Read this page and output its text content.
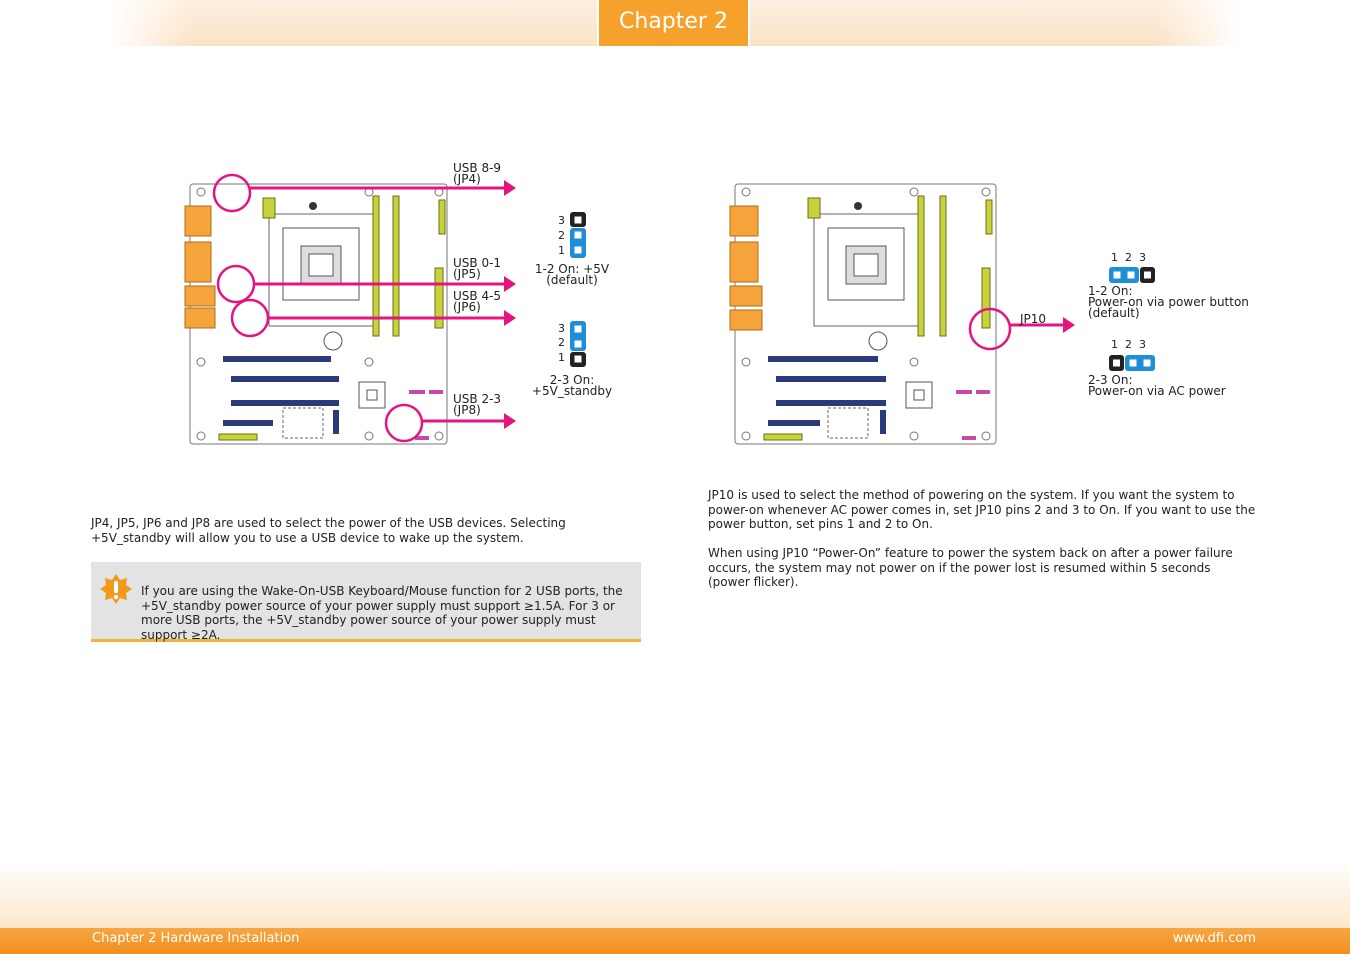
Chapter 2
USB 8-9
(JP4)
USB 0-1
(JP5)
USB 4-5
(JP6)
USB 2-3
(JP8)
3
2
1
1-2 On: +5V
(default)
3
2
1
2-3 On:
+5V_standby
JP10
1  2  3
1-2 On:
Power-on via power button
(default)
1  2  3
2-3 On:
Power-on via AC power
JP4, JP5, JP6 and JP8 are used to select the power of the USB devices. Selecting +5V_standby will allow you to use a USB device to wake up the system.
If you are using the Wake-On-USB Keyboard/Mouse function for 2 USB ports, the +5V_standby power source of your power supply must support ≥1.5A. For 3 or more USB ports, the +5V_standby power source of your power supply must support ≥2A.
JP10 is used to select the method of powering on the system. If you want the system to power-on whenever AC power comes in, set JP10 pins 2 and 3 to On. If you want to use the power button, set pins 1 and 2 to On.
When using JP10 “Power-On” feature to power the system back on after a power failure occurs, the system may not power on if the power lost is resumed within 5 seconds (power flicker).
Chapter 2 Hardware Installation	www.dfi.com
